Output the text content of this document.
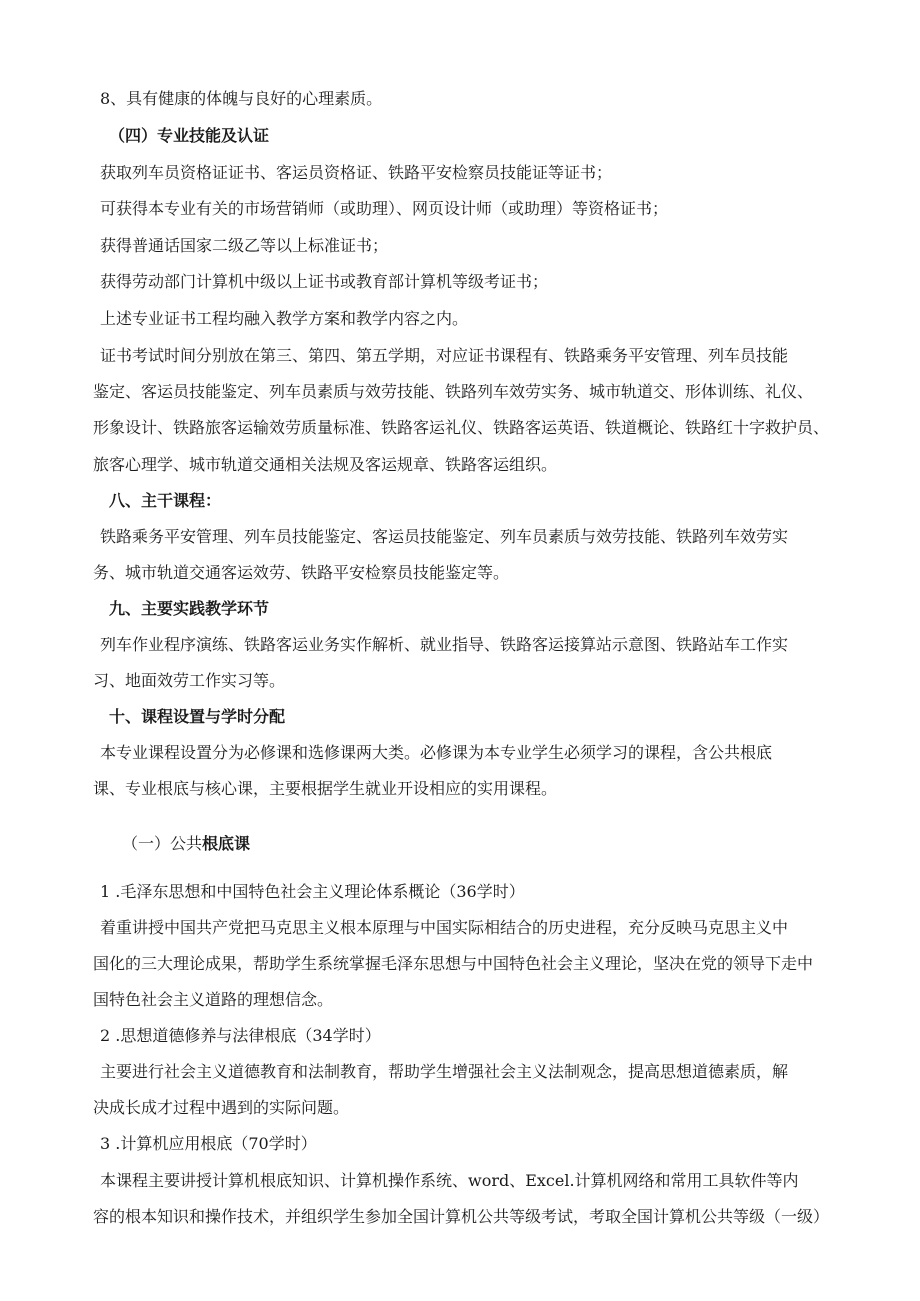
8、具有健康的体魄与良好的心理素质。
（四）专业技能及认证
获取列车员资格证证书、客运员资格证、铁路平安检察员技能证等证书；
可获得本专业有关的市场营销师（或助理）、网页设计师（或助理）等资格证书；
获得普通话国家二级乙等以上标准证书；
获得劳动部门计算机中级以上证书或教育部计算机等级考证书；
上述专业证书工程均融入教学方案和教学内容之内。
证书考试时间分别放在第三、第四、第五学期，对应证书课程有、铁路乘务平安管理、列车员技能
鉴定、客运员技能鉴定、列车员素质与效劳技能、铁路列车效劳实务、城市轨道交、形体训练、礼仪、
形象设计、铁路旅客运输效劳质量标准、铁路客运礼仪、铁路客运英语、铁道概论、铁路红十字救护员、
旅客心理学、城市轨道交通相关法规及客运规章、铁路客运组织。
八、主干课程：
铁路乘务平安管理、列车员技能鉴定、客运员技能鉴定、列车员素质与效劳技能、铁路列车效劳实
务、城市轨道交通客运效劳、铁路平安检察员技能鉴定等。
九、主要实践教学环节
列车作业程序演练、铁路客运业务实作解析、就业指导、铁路客运接算站示意图、铁路站车工作实
习、地面效劳工作实习等。
十、课程设置与学时分配
本专业课程设置分为必修课和选修课两大类。必修课为本专业学生必须学习的课程，含公共根底
课、专业根底与核心课，主要根据学生就业开设相应的实用课程。
（一）公共根底课
1 .毛泽东思想和中国特色社会主义理论体系概论（36学时）
着重讲授中国共产党把马克思主义根本原理与中国实际相结合的历史进程，充分反映马克思主义中
国化的三大理论成果，帮助学生系统掌握毛泽东思想与中国特色社会主义理论，坚决在党的领导下走中
国特色社会主义道路的理想信念。
2 .思想道德修养与法律根底（34学时）
主要进行社会主义道德教育和法制教育，帮助学生增强社会主义法制观念，提高思想道德素质，解
决成长成才过程中遇到的实际问题。
3 .计算机应用根底（70学时）
本课程主要讲授计算机根底知识、计算机操作系统、word、Excel.计算机网络和常用工具软件等内
容的根本知识和操作技术，并组织学生参加全国计算机公共等级考试，考取全国计算机公共等级（一级）
